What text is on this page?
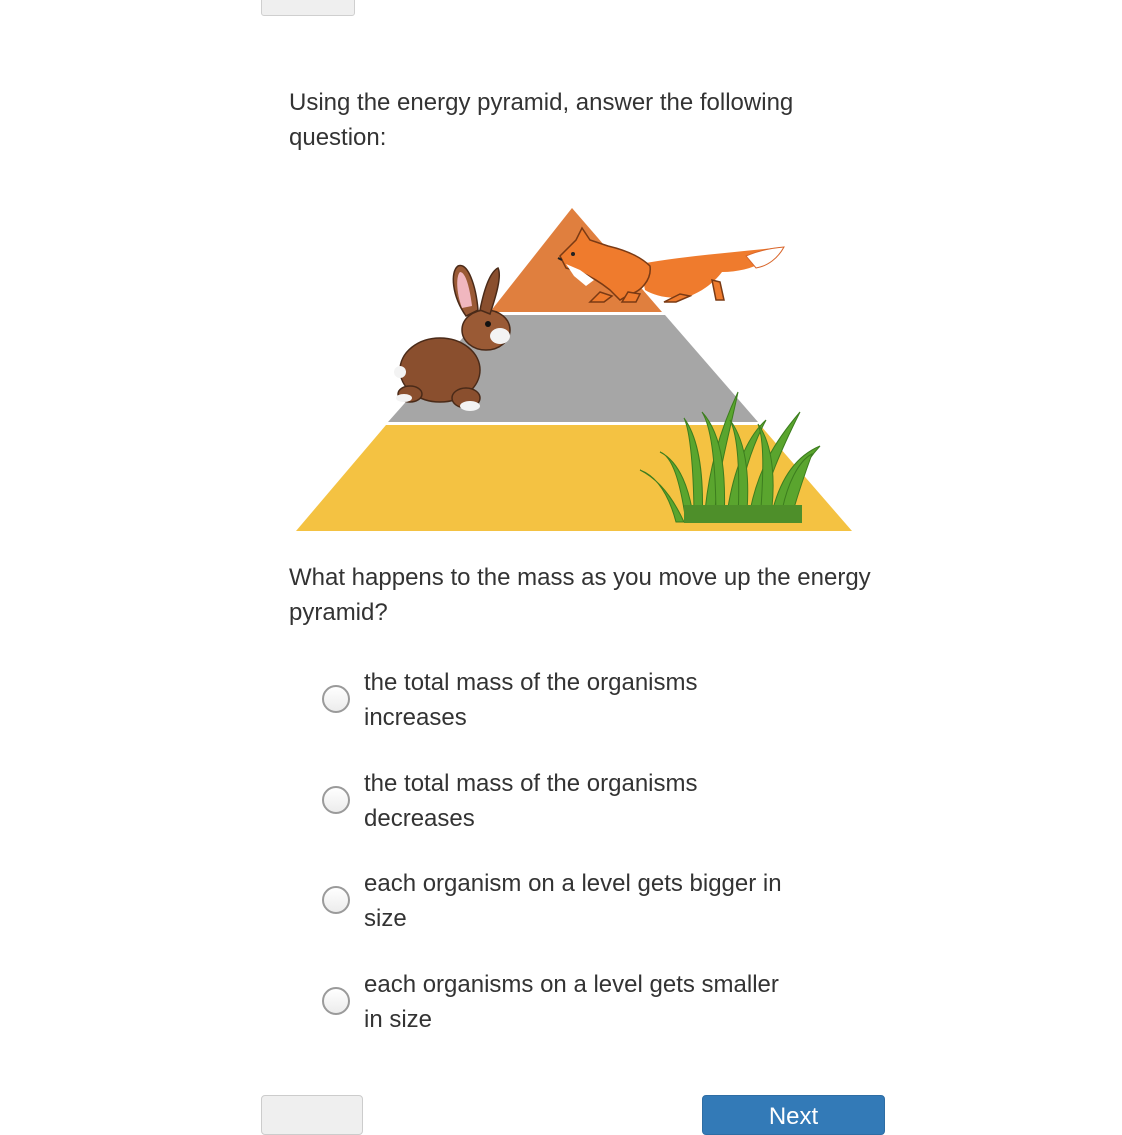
Using the energy pyramid, answer the following question:

What happens to the mass as you move up the energy pyramid?

the total mass of the organisms increases
the total mass of the organisms decreases
each organism on a level gets bigger in size
each organisms on a level gets smaller in size
Next
